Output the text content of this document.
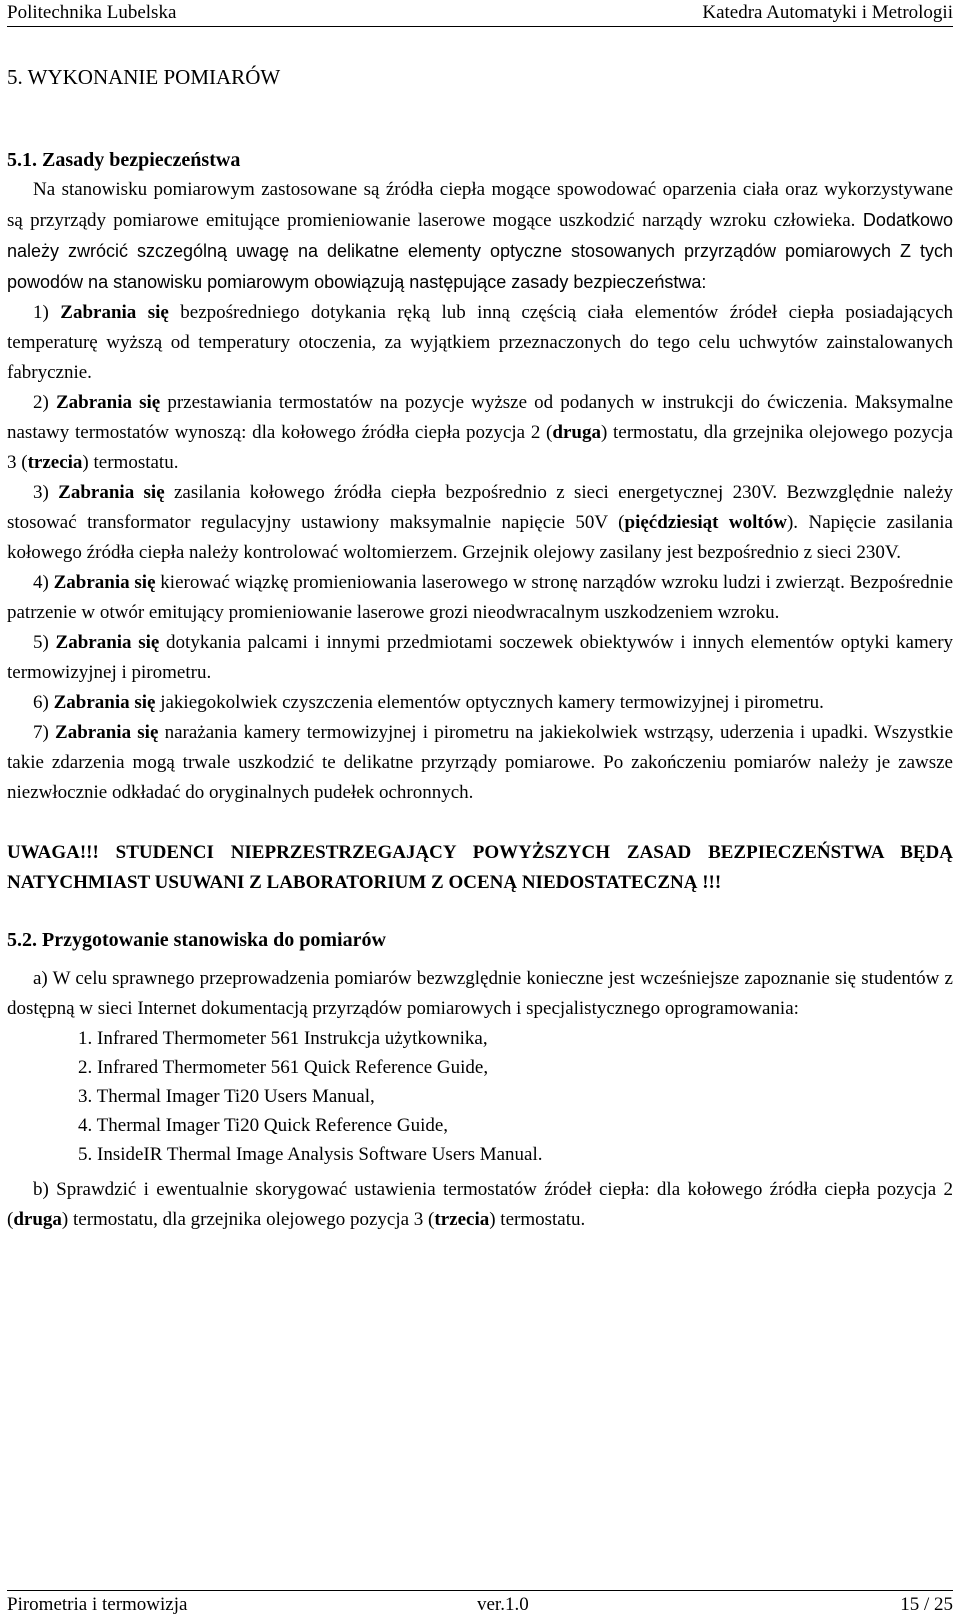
Politechnika Lubelska	Katedra Automatyki i Metrologii
5. WYKONANIE POMIARÓW
5.1. Zasady bezpieczeństwa

Na stanowisku pomiarowym zastosowane są źródła ciepła mogące spowodować oparzenia ciała oraz wykorzystywane są przyrządy pomiarowe emitujące promieniowanie laserowe mogące uszkodzić narządy wzroku człowieka. Dodatkowo należy zwrócić szczególną uwagę na delikatne elementy optyczne stosowanych przyrządów pomiarowych Z tych powodów na stanowisku pomiarowym obowiązują następujące zasady bezpieczeństwa:

1) Zabrania się bezpośredniego dotykania ręką lub inną częścią ciała elementów źródeł ciepła posiadających temperaturę wyższą od temperatury otoczenia, za wyjątkiem przeznaczonych do tego celu uchwytów zainstalowanych fabrycznie.

2) Zabrania się przestawiania termostatów na pozycje wyższe od podanych w instrukcji do ćwiczenia. Maksymalne nastawy termostatów wynoszą: dla kołowego źródła ciepła pozycja 2 (druga) termostatu, dla grzejnika olejowego pozycja 3 (trzecia) termostatu.

3) Zabrania się zasilania kołowego źródła ciepła bezpośrednio z sieci energetycznej 230V. Bezwzględnie należy stosować transformator regulacyjny ustawiony maksymalnie napięcie 50V (pięćdziesiąt woltów). Napięcie zasilania kołowego źródła ciepła należy kontrolować woltomierzem. Grzejnik olejowy zasilany jest bezpośrednio z sieci 230V.

4) Zabrania się kierować wiązkę promieniowania laserowego w stronę narządów wzroku ludzi i zwierząt. Bezpośrednie patrzenie w otwór emitujący promieniowanie laserowe grozi nieodwracalnym uszkodzeniem wzroku.

5) Zabrania się dotykania palcami i innymi przedmiotami soczewek obiektywów i innych elementów optyki kamery termowizyjnej i pirometru.

6) Zabrania się jakiegokolwiek czyszczenia elementów optycznych kamery termowizyjnej i pirometru.

7) Zabrania się narażania kamery termowizyjnej i pirometru na jakiekolwiek wstrząsy, uderzenia i upadki. Wszystkie takie zdarzenia mogą trwale uszkodzić te delikatne przyrządy pomiarowe. Po zakończeniu pomiarów należy je zawsze niezwłocznie odkładać do oryginalnych pudełek ochronnych.

UWAGA!!! STUDENCI NIEPRZESTRZEGAJĄCY POWYŻSZYCH ZASAD BEZPIECZEŃSTWA BĘDĄ NATYCHMIAST USUWANI Z LABORATORIUM Z OCENĄ NIEDOSTATECZNĄ !!!

5.2. Przygotowanie stanowiska do pomiarów

a) W celu sprawnego przeprowadzenia pomiarów bezwzględnie konieczne jest wcześniejsze zapoznanie się studentów z dostępną w sieci Internet dokumentacją przyrządów pomiarowych i specjalistycznego oprogramowania:

1. Infrared Thermometer 561 Instrukcja użytkownika,
2. Infrared Thermometer 561 Quick Reference Guide,
3. Thermal Imager Ti20 Users Manual,
4. Thermal Imager Ti20 Quick Reference Guide,
5. InsideIR Thermal Image Analysis Software Users Manual.

b) Sprawdzić i ewentualnie skorygować ustawienia termostatów źródeł ciepła: dla kołowego źródła ciepła pozycja 2 (druga) termostatu, dla grzejnika olejowego pozycja 3 (trzecia) termostatu.

Pirometria i termowizja	ver.1.0	15 / 25
